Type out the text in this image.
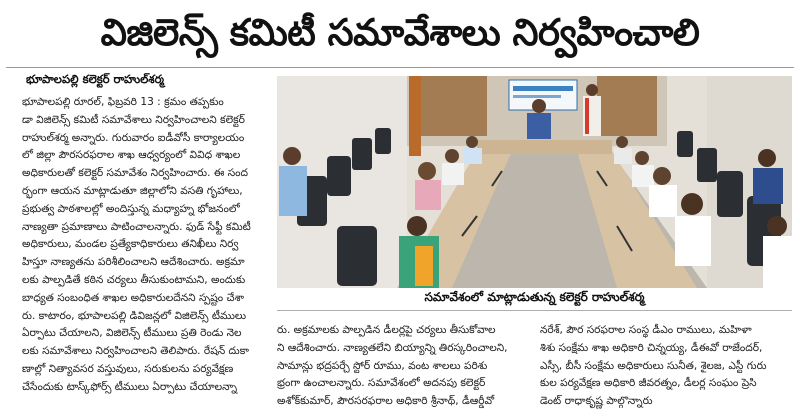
విజిలెన్స్ కమిటీ సమావేశాలు నిర్వహించాలి
భూపాలపల్లి కలెక్టర్ రాహుల్‌శర్మ

భూపాలపల్లి రూరల్, ఫిబ్రవరి 13 : క్రమం తప్పకుం

డా విజిలెన్స్ కమిటీ సమావేశాలు నిర్వహించాలని కలెక్టర్

రాహుల్‌శర్మ అన్నారు. గురువారం ఐడీవోసీ కార్యాలయం

లో జిల్లా పౌరసరఫరాల శాఖ ఆధ్వర్యంలో వివిధ శాఖల

అధికారులతో కలెక్టర్ సమావేశం నిర్వహించారు. ఈ సంద

ర్భంగా ఆయన మాట్లాడుతూ జిల్లాలోని వసతి గృహాలు,

ప్రభుత్వ పాఠశాలల్లో అందిస్తున్న మధ్యాహ్న భోజనంలో

నాణ్యతా ప్రమాణాలు పాటించాలన్నారు. ఫుడ్ సేఫ్టీ కమిటీ

అధికారులు, మండల ప్రత్యేకాధికారులు తనిఖీలు నిర్వ

హిస్తూ నాణ్యతను పరిశీలించాలని ఆదేశించారు. అక్రమా

లకు పాల్పడితే కఠిన చర్యలు తీసుకుంటామని, అందుకు

బాధ్యత సంబంధిత శాఖల అధికారులదేనని స్పష్టం చేశా

రు. కాటారం, భూపాలపల్లి డివిజన్లలో విజిలెన్స్ టీములు

ఏర్పాటు చేయాలని, విజిలెన్స్ టీములు ప్రతి రెండు నెల

లకు సమావేశాలు నిర్వహించాలని తెలిపారు. రేషన్ దుకా

ణాల్లో నిత్యావసర వస్తువులు, సరుకులను పర్యవేక్షణ

చేసేందుకు టాస్క్‌ఫోర్స్ టీములు ఏర్పాటు చేయాలన్నా

సమావేశంలో మాట్లాడుతున్న కలెక్టర్ రాహుల్‌శర్మ

రు. అక్రమాలకు పాల్పడిన డీలర్లపై చర్యలు తీసుకోవాల

ని ఆదేశించారు. నాణ్యతలేని బియ్యాన్ని తిరస్కరించాలని,

సామాన్లు భద్రపర్చే స్టోర్ రూము, వంట శాలలు పరిశు

భ్రంగా ఉంచాలన్నారు. సమావేశంలో అదనపు కలెక్టర్

అశోక్‌కుమార్, పౌరసరఫరాల అధికారి శ్రీనాథ్, డీఆర్డీవో

నరేశ్, పౌర సరఫరాల సంస్థ డీఎం రాములు, మహిళా

శిశు సంక్షేమ శాఖ అధికారి చిన్నయ్య, డీఈవో రాజేందర్,

ఎస్సీ, బీసీ సంక్షేమ అధికారులు సునీత, శైలజ, ఎస్టీ గురు

కుల పర్యవేక్షణ అధికారి జీవరత్నం, డీలర్ల సంఘం ప్రెసి

డెంట్ రాధాకృష్ణ పాల్గొన్నారు
